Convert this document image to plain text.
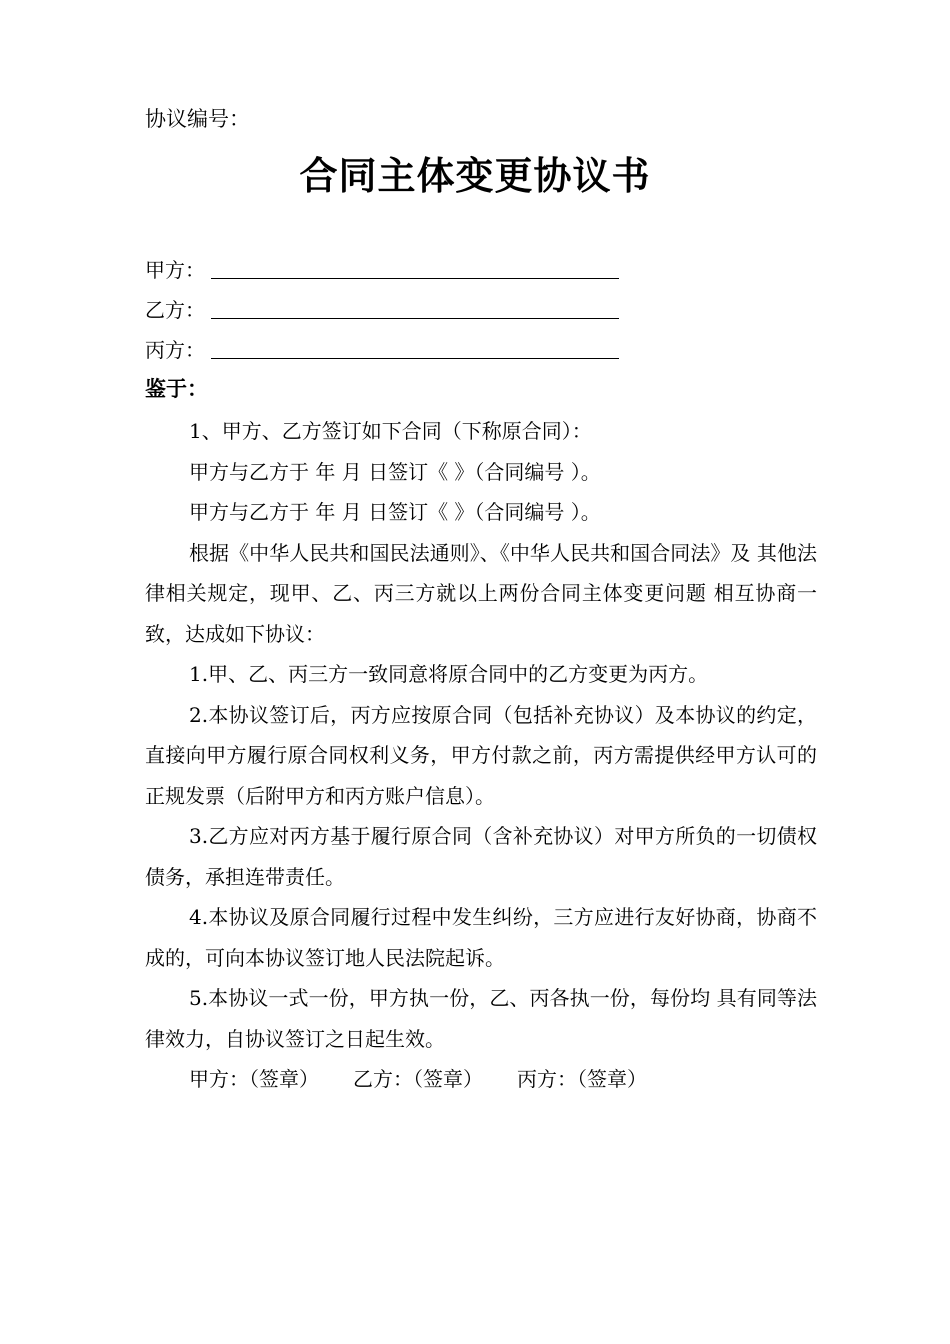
协议编号：
合同主体变更协议书
甲方：
乙方：
丙方：
鉴于：

1、甲方、乙方签订如下合同（下称原合同）：

甲方与乙方于 年 月 日签订《 》（合同编号 ）。

甲方与乙方于 年 月 日签订《 》（合同编号 ）。

根据《中华人民共和国民法通则》、《中华人民共和国合同法》及 其他法律相关规定，现甲、乙、丙三方就以上两份合同主体变更问题 相互协商一致，达成如下协议：

1.甲、乙、丙三方一致同意将原合同中的乙方变更为丙方。

2.本协议签订后，丙方应按原合同（包括补充协议）及本协议的约定，直接向甲方履行原合同权利义务，甲方付款之前，丙方需提供经甲方认可的正规发票（后附甲方和丙方账户信息）。

3.乙方应对丙方基于履行原合同（含补充协议）对甲方所负的一切债权债务，承担连带责任。

4.本协议及原合同履行过程中发生纠纷，三方应进行友好协商，协商不成的，可向本协议签订地人民法院起诉。

5.本协议一式一份，甲方执一份，乙、丙各执一份，每份均 具有同等法律效力，自协议签订之日起生效。

甲方：（签章） 乙方：（签章） 丙方：（签章）
